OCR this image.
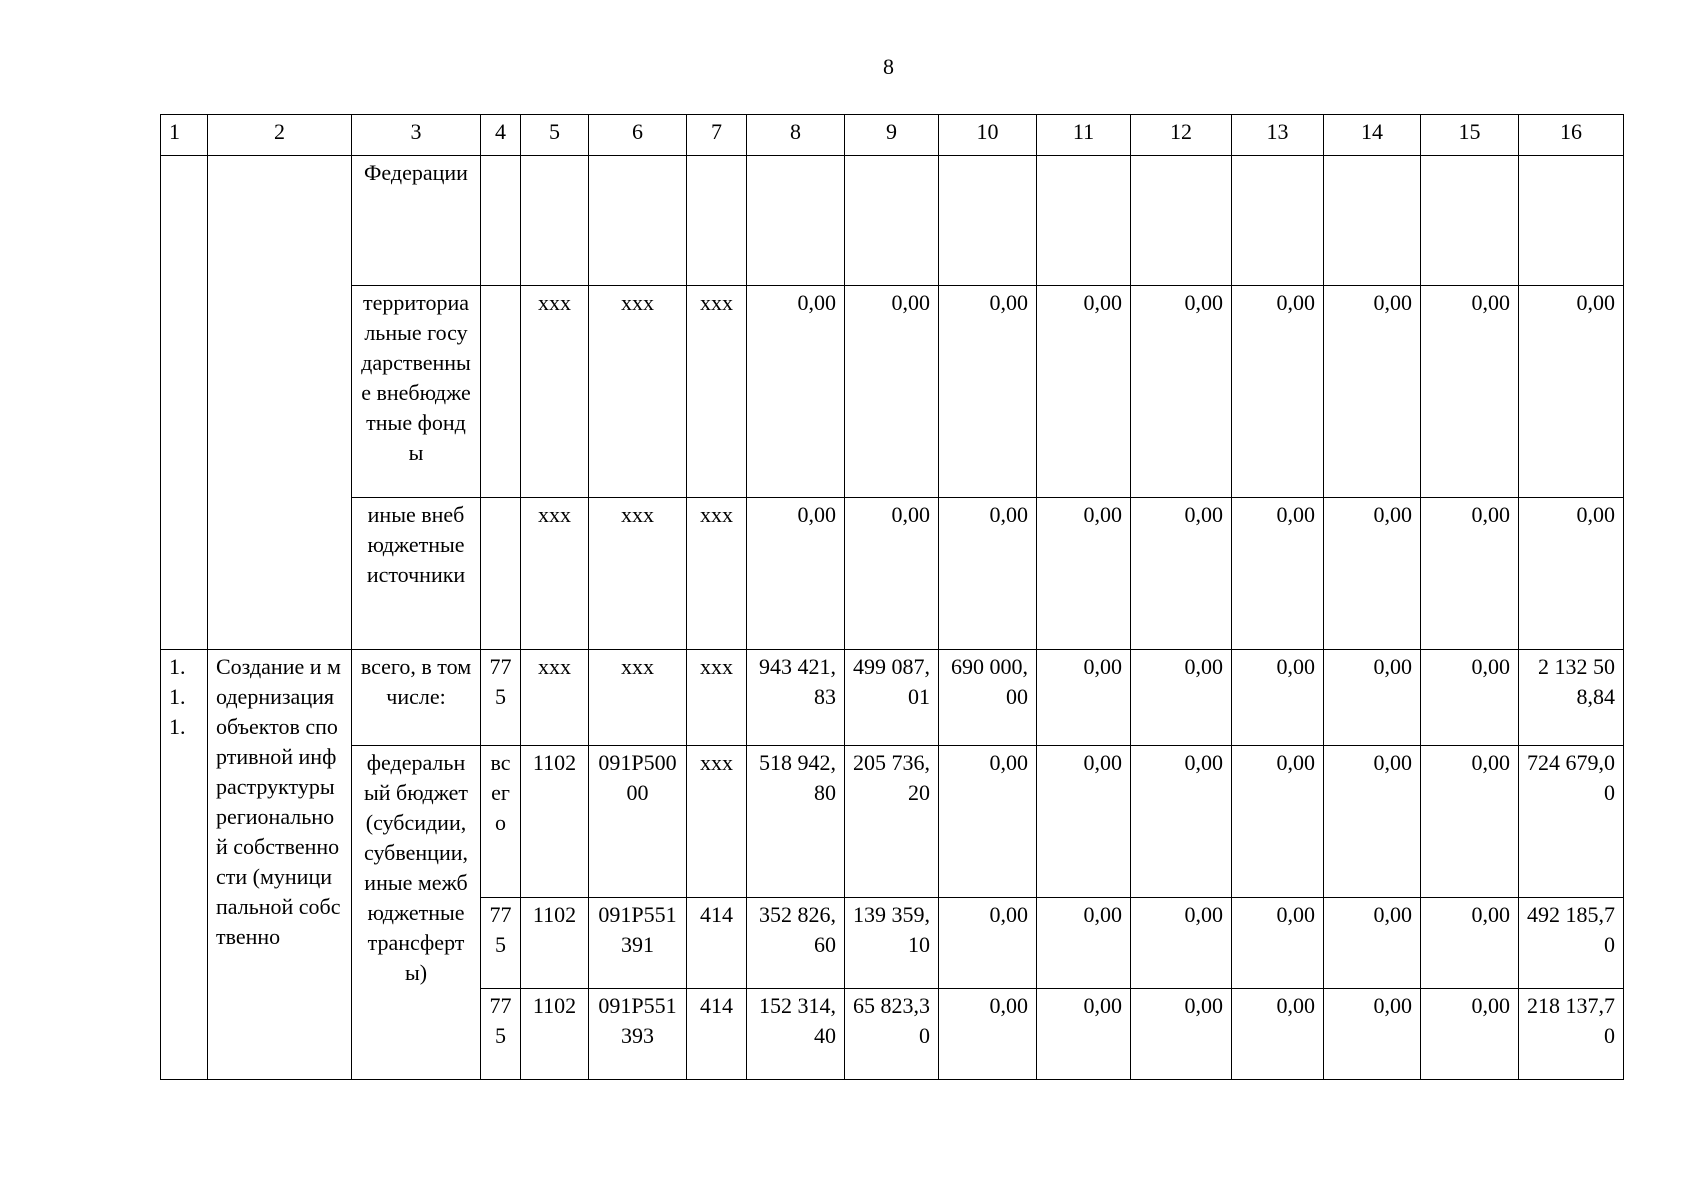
8
1	2	3	4	5	6	7	8	9	10	11	12	13	14	15	16
		Федерации													
		территориальные государственные внебюджетные фонды		ххх	ххх	ххх	0,00	0,00	0,00	0,00	0,00	0,00	0,00	0,00	0,00
		иные внебюджетные источники		ххх	ххх	ххх	0,00	0,00	0,00	0,00	0,00	0,00	0,00	0,00	0,00
1.1.1.	Создание и модернизация объектов спортивной инфраструктуры региональной собственности (муниципальной собственно	всего, в том числе:	775	ххх	ххх	ххх	943 421,83	499 087,01	690 000,00	0,00	0,00	0,00	0,00	0,00	2 132 508,84
		федеральный бюджет (субсидии, субвенции, иные межбюджетные трансферты)	всего	1102	091P50000	ххх	518 942,80	205 736,20	0,00	0,00	0,00	0,00	0,00	0,00	724 679,00
			775	1102	091P551391	414	352 826,60	139 359,10	0,00	0,00	0,00	0,00	0,00	0,00	492 185,70
			775	1102	091P551393	414	152 314,40	65 823,30	0,00	0,00	0,00	0,00	0,00	0,00	218 137,70
